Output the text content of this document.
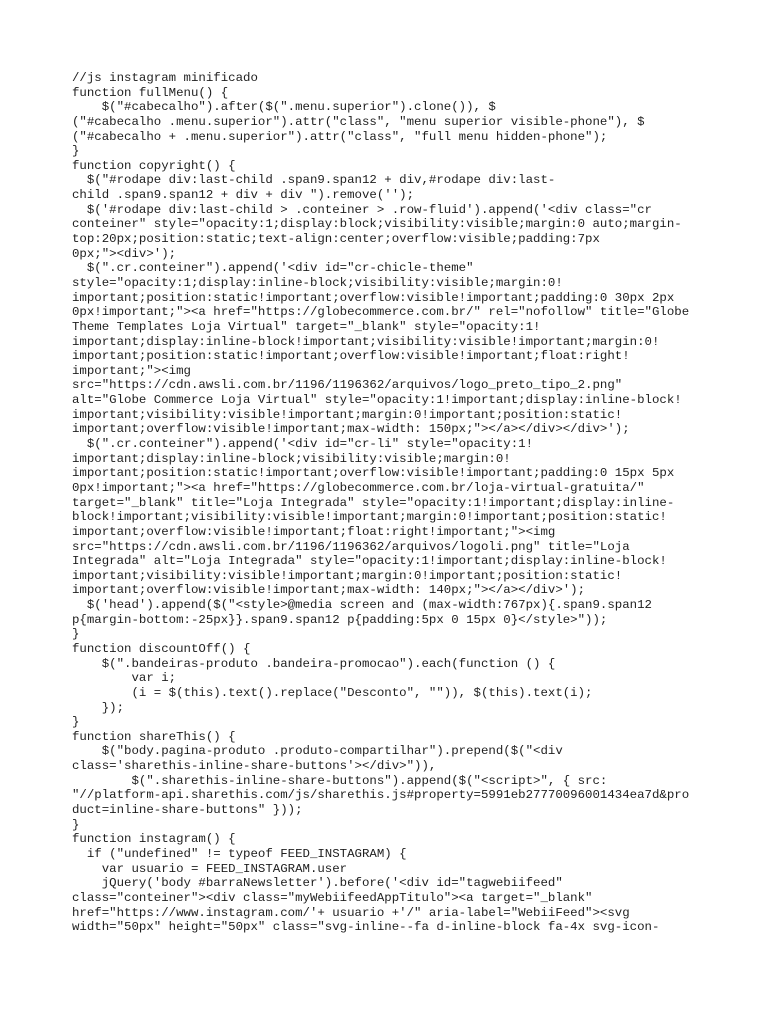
//js instagram minificado
function fullMenu() {
$("#cabecalho").after($(".menu.superior").clone()), $
("#cabecalho .menu.superior").attr("class", "menu superior visible-phone"), $
("#cabecalho + .menu.superior").attr("class", "full menu hidden-phone");
}
function copyright() {
$("#rodape div:last-child .span9.span12 + div,#rodape div:last-
child .span9.span12 + div + div ").remove('');
$('#rodape div:last-child > .conteiner > .row-fluid').append('<div class="cr
conteiner" style="opacity:1;display:block;visibility:visible;margin:0 auto;margin-
top:20px;position:static;text-align:center;overflow:visible;padding:7px
0px;"><div>');
$(".cr.conteiner").append('<div id="cr-chicle-theme"
style="opacity:1;display:inline-block;visibility:visible;margin:0!
important;position:static!important;overflow:visible!important;padding:0 30px 2px
0px!important;"><a href="https://globecommerce.com.br/" rel="nofollow" title="Globe
Theme Templates Loja Virtual" target="_blank" style="opacity:1!
important;display:inline-block!important;visibility:visible!important;margin:0!
important;position:static!important;overflow:visible!important;float:right!
important;"><img
src="https://cdn.awsli.com.br/1196/1196362/arquivos/logo_preto_tipo_2.png"
alt="Globe Commerce Loja Virtual" style="opacity:1!important;display:inline-block!
important;visibility:visible!important;margin:0!important;position:static!
important;overflow:visible!important;max-width: 150px;"></a></div></div>');
$(".cr.conteiner").append('<div id="cr-li" style="opacity:1!
important;display:inline-block;visibility:visible;margin:0!
important;position:static!important;overflow:visible!important;padding:0 15px 5px
0px!important;"><a href="https://globecommerce.com.br/loja-virtual-gratuita/"
target="_blank" title="Loja Integrada" style="opacity:1!important;display:inline-
block!important;visibility:visible!important;margin:0!important;position:static!
important;overflow:visible!important;float:right!important;"><img
src="https://cdn.awsli.com.br/1196/1196362/arquivos/logoli.png" title="Loja
Integrada" alt="Loja Integrada" style="opacity:1!important;display:inline-block!
important;visibility:visible!important;margin:0!important;position:static!
important;overflow:visible!important;max-width: 140px;"></a></div>');
$('head').append($("<style>@media screen and (max-width:767px){.span9.span12
p{margin-bottom:-25px}}.span9.span12 p{padding:5px 0 15px 0}</style>"));
}
function discountOff() {
$(".bandeiras-produto .bandeira-promocao").each(function () {
var i;
(i = $(this).text().replace("Desconto", "")), $(this).text(i);
});
}
function shareThis() {
$("body.pagina-produto .produto-compartilhar").prepend($("<div
class='sharethis-inline-share-buttons'></div>")),
$(".sharethis-inline-share-buttons").append($("<script>", { src:
"//platform-api.sharethis.com/js/sharethis.js#property=5991eb27770096001434ea7d&pro
duct=inline-share-buttons" }));
}
function instagram() {
if ("undefined" != typeof FEED_INSTAGRAM) {
var usuario = FEED_INSTAGRAM.user
jQuery('body #barraNewsletter').before('<div id="tagwebiifeed"
class="conteiner"><div class="myWebiifeedAppTitulo"><a target="_blank"
href="https://www.instagram.com/'+ usuario +'/" aria-label="WebiiFeed"><svg
width="50px" height="50px" class="svg-inline--fa d-inline-block fa-4x svg-icon-
